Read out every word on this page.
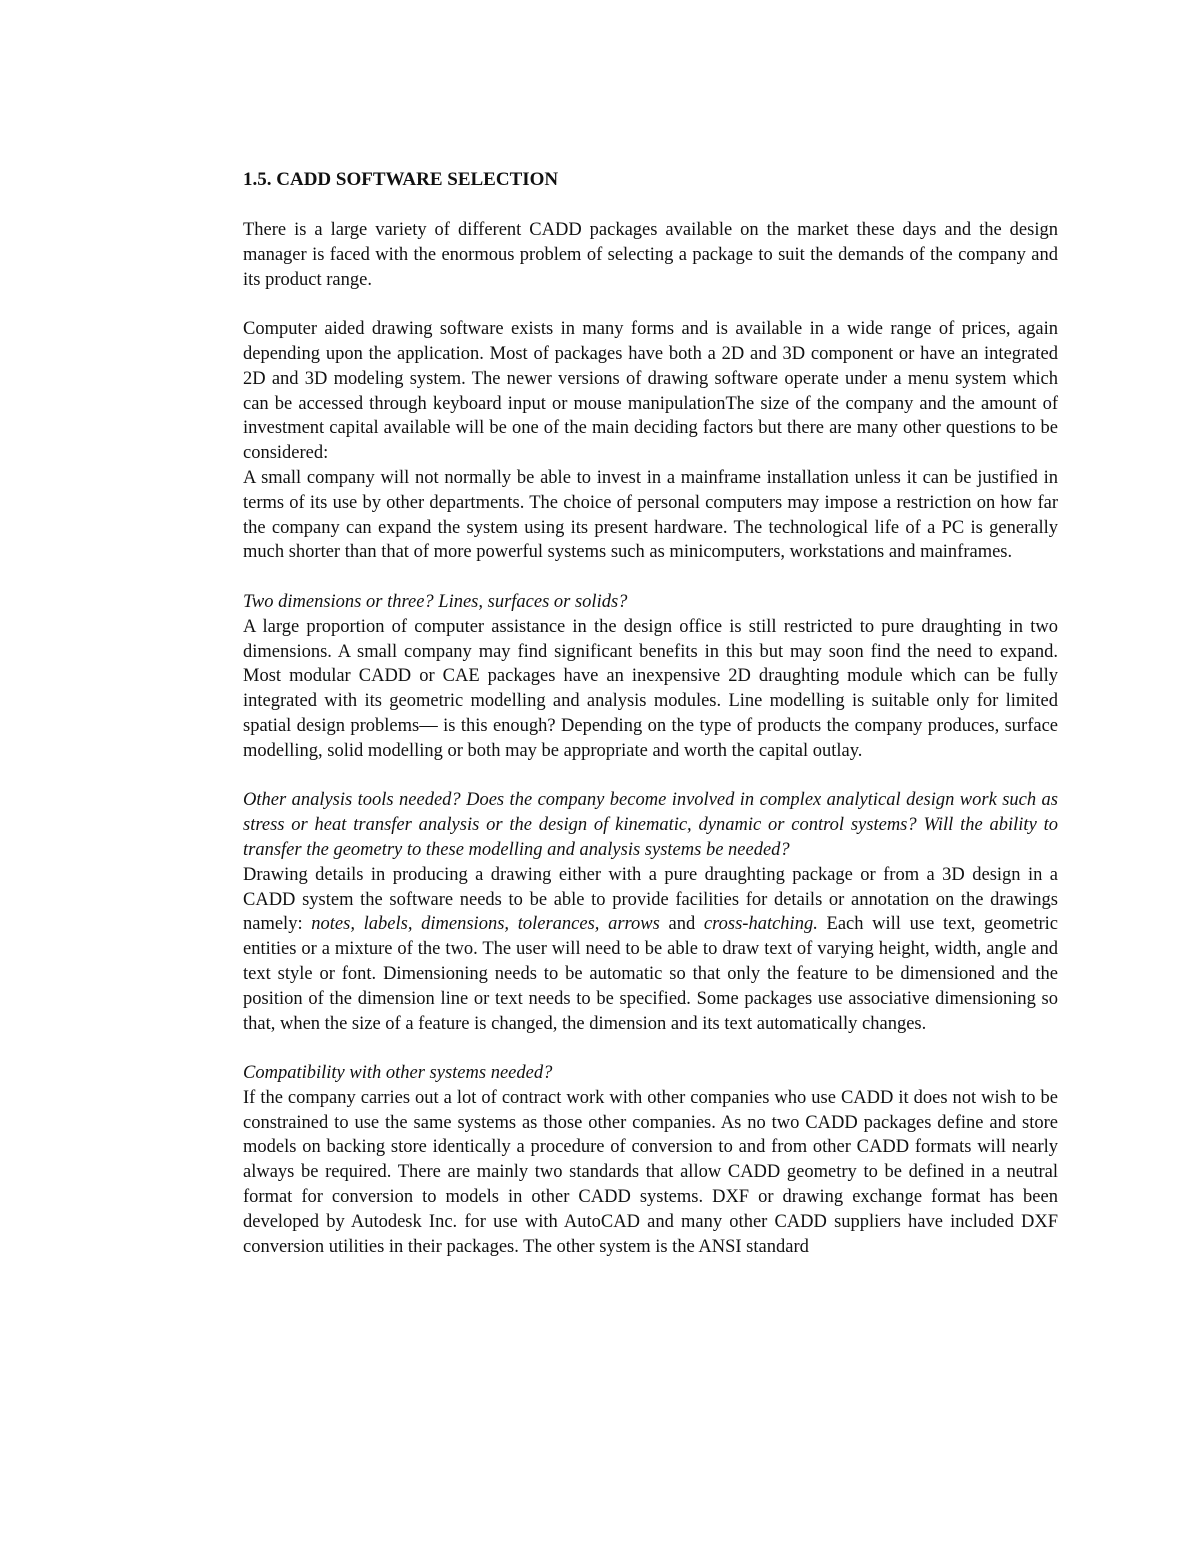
1.5. CADD SOFTWARE SELECTION

There is a large variety of different CADD packages available on the market these days and the design manager is faced with the enormous problem of selecting a package to suit the demands of the company and its product range.

Computer aided drawing software exists in many forms and is available in a wide range of prices, again depending upon the application. Most of packages have both a 2D and 3D component or have an integrated 2D and 3D modeling system. The newer versions of drawing software operate under a menu system which can be accessed through keyboard input or mouse manipulationThe size of the company and the amount of investment capital available will be one of the main deciding factors but there are many other questions to be considered:

A small company will not normally be able to invest in a mainframe installation unless it can be justified in terms of its use by other departments. The choice of personal computers may impose a restriction on how far the company can expand the system using its present hardware. The technological life of a PC is generally much shorter than that of more powerful systems such as minicomputers, workstations and mainframes.

Two dimensions or three? Lines, surfaces or solids?

A large proportion of computer assistance in the design office is still restricted to pure draughting in two dimensions. A small company may find significant benefits in this but may soon find the need to expand. Most modular CADD or CAE packages have an inexpensive 2D draughting module which can be fully integrated with its geometric modelling and analysis modules. Line modelling is suitable only for limited spatial design problems— is this enough? Depending on the type of products the company produces, surface modelling, solid modelling or both may be appropriate and worth the capital outlay.

Other analysis tools needed? Does the company become involved in complex analytical design work such as stress or heat transfer analysis or the design of kinematic, dynamic or control systems? Will the ability to transfer the geometry to these modelling and analysis systems be needed?

Drawing details in producing a drawing either with a pure draughting package or from a 3D design in a CADD system the software needs to be able to provide facilities for details or annotation on the drawings namely: notes, labels, dimensions, tolerances, arrows and cross-hatching. Each will use text, geometric entities or a mixture of the two. The user will need to be able to draw text of varying height, width, angle and text style or font. Dimensioning needs to be automatic so that only the feature to be dimensioned and the position of the dimension line or text needs to be specified. Some packages use associative dimensioning so that, when the size of a feature is changed, the dimension and its text automatically changes.

Compatibility with other systems needed?

If the company carries out a lot of contract work with other companies who use CADD it does not wish to be constrained to use the same systems as those other companies. As no two CADD packages define and store models on backing store identically a procedure of conversion to and from other CADD formats will nearly always be required. There are mainly two standards that allow CADD geometry to be defined in a neutral format for conversion to models in other CADD systems. DXF or drawing exchange format has been developed by Autodesk Inc. for use with AutoCAD and many other CADD suppliers have included DXF conversion utilities in their packages. The other system is the ANSI standard
